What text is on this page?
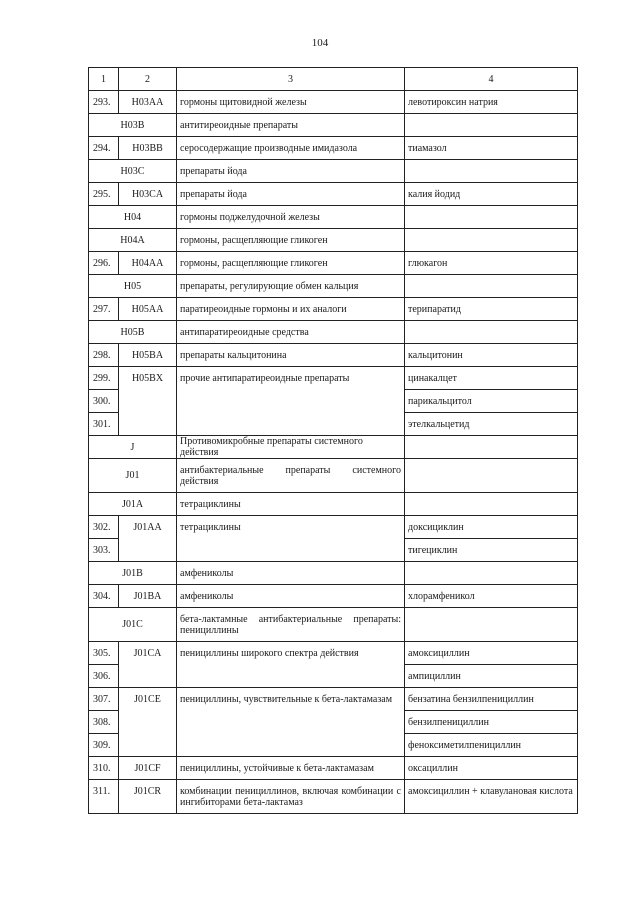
104
1	2	3	4
293.	H03AA	гормоны щитовидной железы	левотироксин натрия
H03B		антитиреоидные препараты	
294.	H03BB	серосодержащие производные имидазола	тиамазол
H03C		препараты йода	
295.	H03CA	препараты йода	калия йодид
H04		гормоны поджелудочной железы	
H04A		гормоны, расщепляющие гликоген	
296.	H04AA	гормоны, расщепляющие гликоген	глюкагон
H05		препараты, регулирующие обмен кальция	
297.	H05AA	паратиреоидные гормоны и их аналоги	терипаратид
H05B		антипаратиреоидные средства	
298.	H05BA	препараты кальцитонина	кальцитонин
299.	H05BX	прочие антипаратиреоидные препараты	цинакалцет
300.			парикальцитол
301.			этелкальцетид
J		Противомикробные препараты системного действия	
J01		антибактериальные препараты системного действия	
J01A		тетрациклины	
302.	J01AA	тетрациклины	доксициклин
303.			тигециклин
J01B		амфениколы	
304.	J01BA	амфениколы	хлорамфеникол
J01C		бета-лактамные антибактериальные препараты: пенициллины	
305.	J01CA	пенициллины широкого спектра действия	амоксициллин
306.			ампициллин
307.	J01CE	пенициллины, чувствительные к бета-лактамазам	бензатина бензилпенициллин
308.			бензилпенициллин
309.			феноксиметилпенициллин
310.	J01CF	пенициллины, устойчивые к бета-лактамазам	оксациллин
311.	J01CR	комбинации пенициллинов, включая комбинации с ингибиторами бета-лактамаз	амоксициллин + клавулановая кислота
